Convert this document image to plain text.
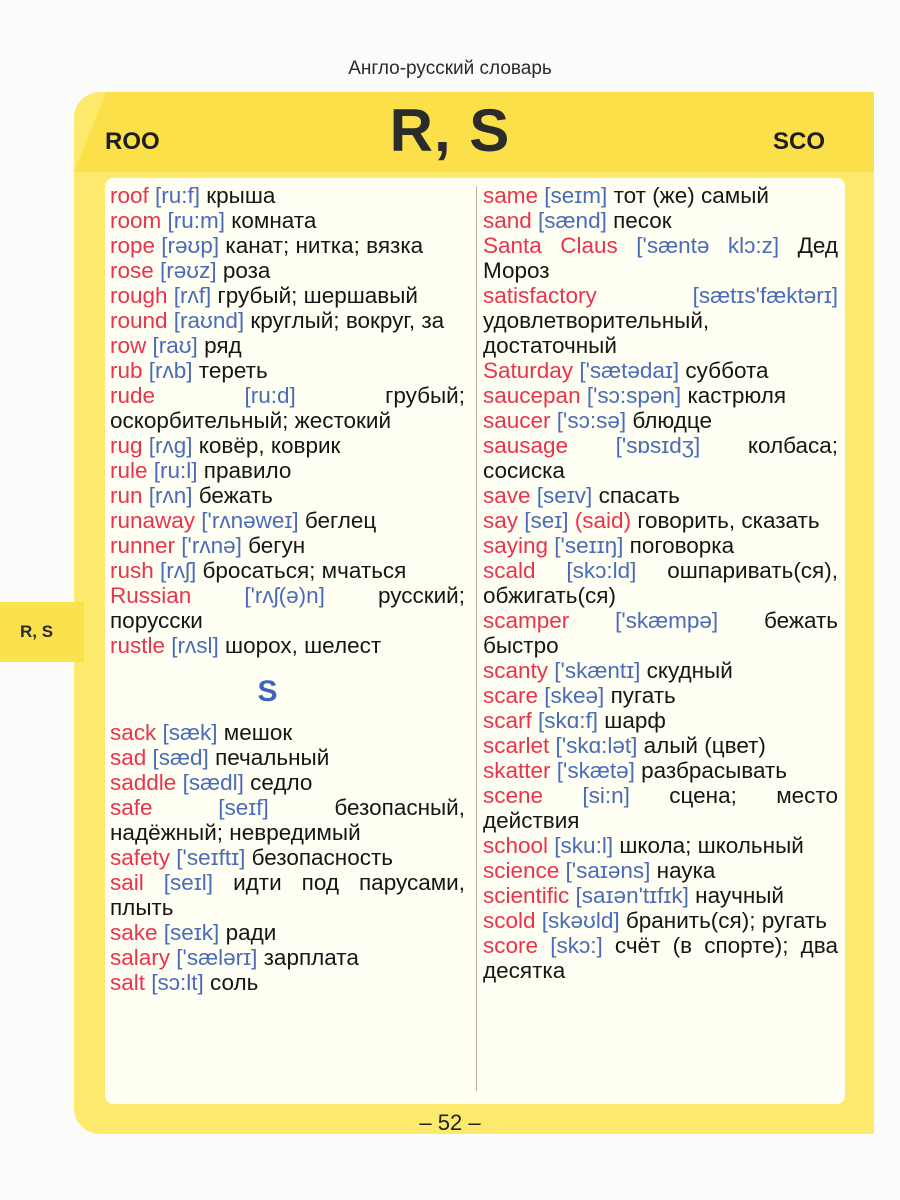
Англо-русский словарь
ROO	SCO
R, S
R, S
roof [ru:f] крыша
room [ru:m] комната
rope [rəʊp] канат; нитка; вязка
rose [rəʊz] роза
rough [rʌf] грубый; шершавый
round [raʊnd] круглый; вокруг, за
row [raʊ] ряд
rub [rʌb] тереть
rude [ru:d] грубый; оскорбительный; жестокий
rug [rʌg] ковёр, коврик
rule [ru:l] правило
run [rʌn] бежать
runaway ['rʌnəweɪ] беглец
runner ['rʌnə] бегун
rush [rʌʃ] бросаться; мчаться
Russian ['rʌʃ(ə)n] русский; порусски
rustle [rʌsl] шорох, шелест
S
sack [sæk] мешок
sad [sæd] печальный
saddle [sædl] седло
safe [seɪf] безопасный, надёжный; невредимый
safety ['seɪftɪ] безопасность
sail [seɪl] идти под парусами, плыть
sake [seɪk] ради
salary ['sælərɪ] зарплата
salt [sɔ:lt] соль
same [seɪm] тот (же) самый
sand [sænd] песок
Santa Claus ['sæntə klɔ:z] Дед Мороз
satisfactory [sætɪs'fæktərɪ] удовлетворительный, достаточный
Saturday ['sætədaɪ] суббота
saucepan ['sɔ:spən] кастрюля
saucer ['sɔ:sə] блюдце
sausage ['sɒsɪdʒ] колбаса; сосиска
save [seɪv] спасать
say [seɪ] (said) говорить, сказать
saying ['seɪɪŋ] поговорка
scald [skɔ:ld] ошпаривать(ся), обжигать(ся)
scamper ['skæmpə] бежать быстро
scanty ['skæntɪ] скудный
scare [skeə] пугать
scarf [skɑ:f] шарф
scarlet ['skɑ:lət] алый (цвет)
skatter ['skætə] разбрасывать
scene [si:n] сцена; место действия
school [sku:l] школа; школьный
science ['saɪəns] наука
scientific [saɪən'tɪfɪk] научный
scold [skəʊld] бранить(ся); ругать
score [skɔ:] счёт (в спорте); два десятка
– 52 –
